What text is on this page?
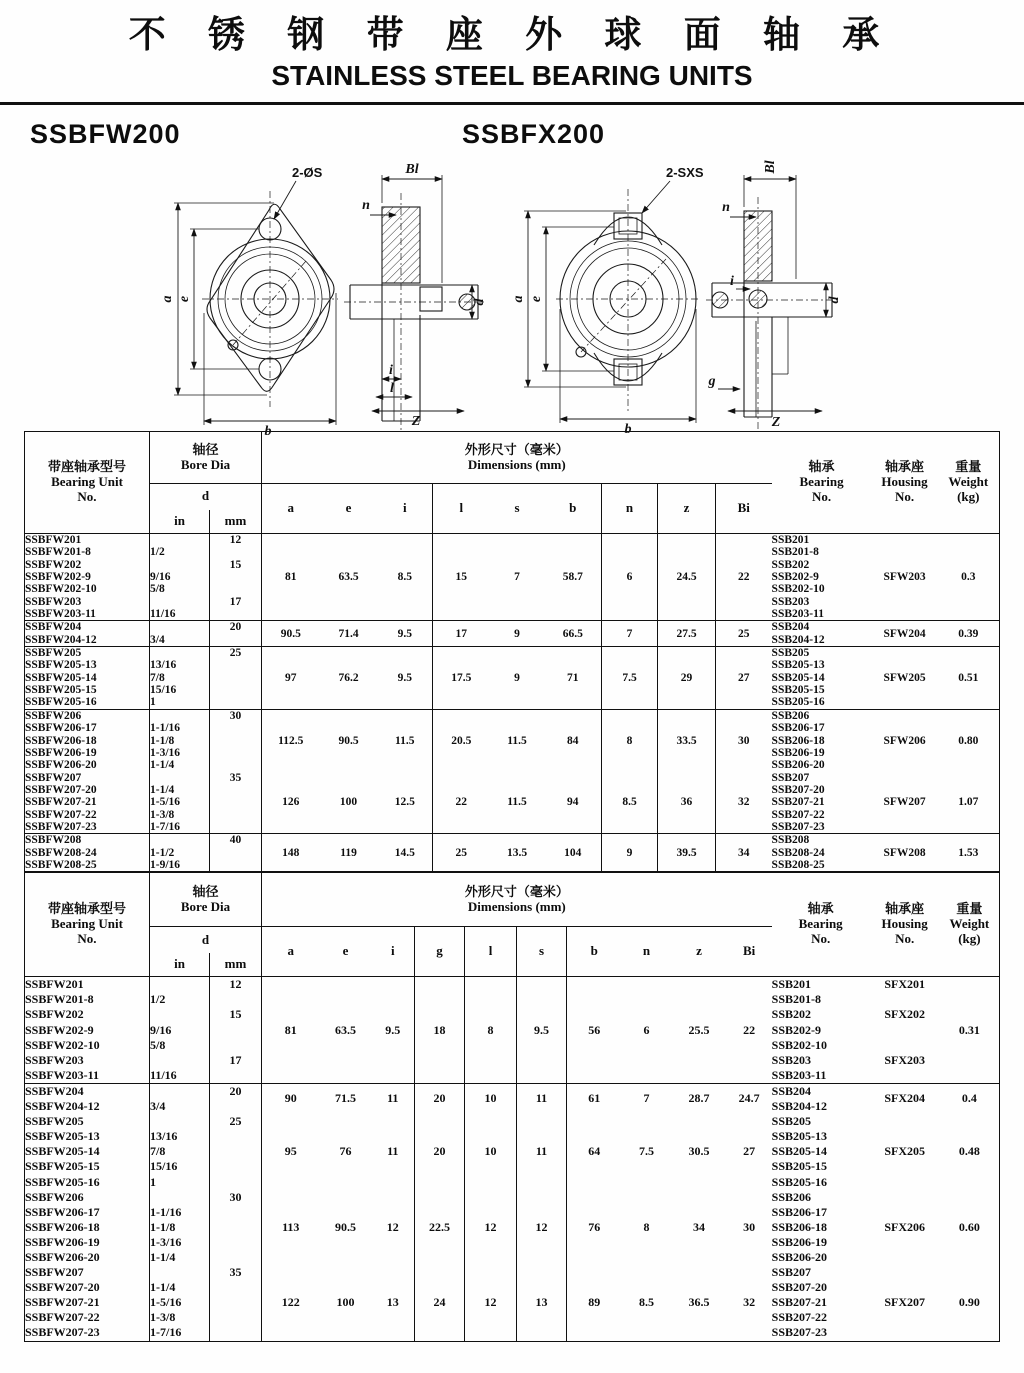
不 锈 钢 带 座 外 球 面 轴 承
STAINLESS STEEL BEARING UNITS
SSBFW200	SSBFX200
a e
b
2-ØS	Bl
n
d
i
l
Z
a e
b
2-SXS	Bl
n
d
i
g
Z
带座轴承型号
Bearing Unit
No.

轴径
Bore Dia

外形尺寸（毫米）
Dimensions (mm)	轴承
Bearing
No.

轴承座
Housing
No.

重量
Weight
(kg)

	d		a	e	i	l	s	b	n	z	Bi			
	in	mm												
SSBFW201		12	81	63.5	8.5	15	7	58.7	6	24.5	22	SSB201	SFW203	0.3
SSBFW201-8	1/2											SSB201-8		
SSBFW202		15										SSB202		
SSBFW202-9	9/16											SSB202-9		
SSBFW202-10	5/8											SSB202-10		
SSBFW203		17										SSB203		
SSBFW203-11	11/16											SSB203-11		
SSBFW204		20	90.5	71.4	9.5	17	9	66.5	7	27.5	25	SSB204	SFW204	0.39
SSBFW204-12	3/4											SSB204-12		
SSBFW205		25	97	76.2	9.5	17.5	9	71	7.5	29	27	SSB205	SFW205	0.51
SSBFW205-13	13/16											SSB205-13		
SSBFW205-14	7/8											SSB205-14		
SSBFW205-15	15/16											SSB205-15		
SSBFW205-16	1											SSB205-16		
SSBFW206		30	112.5	90.5	11.5	20.5	11.5	84	8	33.5	30	SSB206	SFW206	0.80
SSBFW206-17	1-1/16											SSB206-17		
SSBFW206-18	1-1/8											SSB206-18		
SSBFW206-19	1-3/16											SSB206-19		
SSBFW206-20	1-1/4											SSB206-20		
SSBFW207		35	126	100	12.5	22	11.5	94	8.5	36	32	SSB207	SFW207	1.07
SSBFW207-20	1-1/4											SSB207-20		
SSBFW207-21	1-5/16											SSB207-21		
SSBFW207-22	1-3/8											SSB207-22		
SSBFW207-23	1-7/16											SSB207-23		
SSBFW208		40	148	119	14.5	25	13.5	104	9	39.5	34	SSB208	SFW208	1.53
SSBFW208-24	1-1/2											SSB208-24		
SSBFW208-25	1-9/16											SSB208-25		
带座轴承型号
Bearing Unit
No.

轴径
Bore Dia

外形尺寸（毫米）
Dimensions (mm)	轴承
Bearing
No.

轴承座
Housing
No.

重量
Weight
(kg)

	d		a	e	i	g	l	s	b	n	z	Bi			
	in	mm													
SSBFW201		12	81	63.5	9.5	18	8	9.5	56	6	25.5	22	SSB201	SFX201	0.31
SSBFW201-8	1/2												SSB201-8		
SSBFW202		15											SSB202	SFX202	
SSBFW202-9	9/16												SSB202-9		
SSBFW202-10	5/8												SSB202-10		
SSBFW203		17											SSB203	SFX203	
SSBFW203-11	11/16												SSB203-11		
SSBFW204		20	90	71.5	11	20	10	11	61	7	28.7	24.7	SSB204	SFX204	0.4
SSBFW204-12	3/4												SSB204-12		
SSBFW205		25	95	76	11	20	10	11	64	7.5	30.5	27	SSB205	SFX205	0.48
SSBFW205-13	13/16												SSB205-13		
SSBFW205-14	7/8												SSB205-14		
SSBFW205-15	15/16												SSB205-15		
SSBFW205-16	1												SSB205-16		
SSBFW206		30	113	90.5	12	22.5	12	12	76	8	34	30	SSB206	SFX206	0.60
SSBFW206-17	1-1/16												SSB206-17		
SSBFW206-18	1-1/8												SSB206-18		
SSBFW206-19	1-3/16												SSB206-19		
SSBFW206-20	1-1/4												SSB206-20		
SSBFW207		35	122	100	13	24	12	13	89	8.5	36.5	32	SSB207	SFX207	0.90
SSBFW207-20	1-1/4												SSB207-20		
SSBFW207-21	1-5/16												SSB207-21		
SSBFW207-22	1-3/8												SSB207-22		
SSBFW207-23	1-7/16												SSB207-23		
